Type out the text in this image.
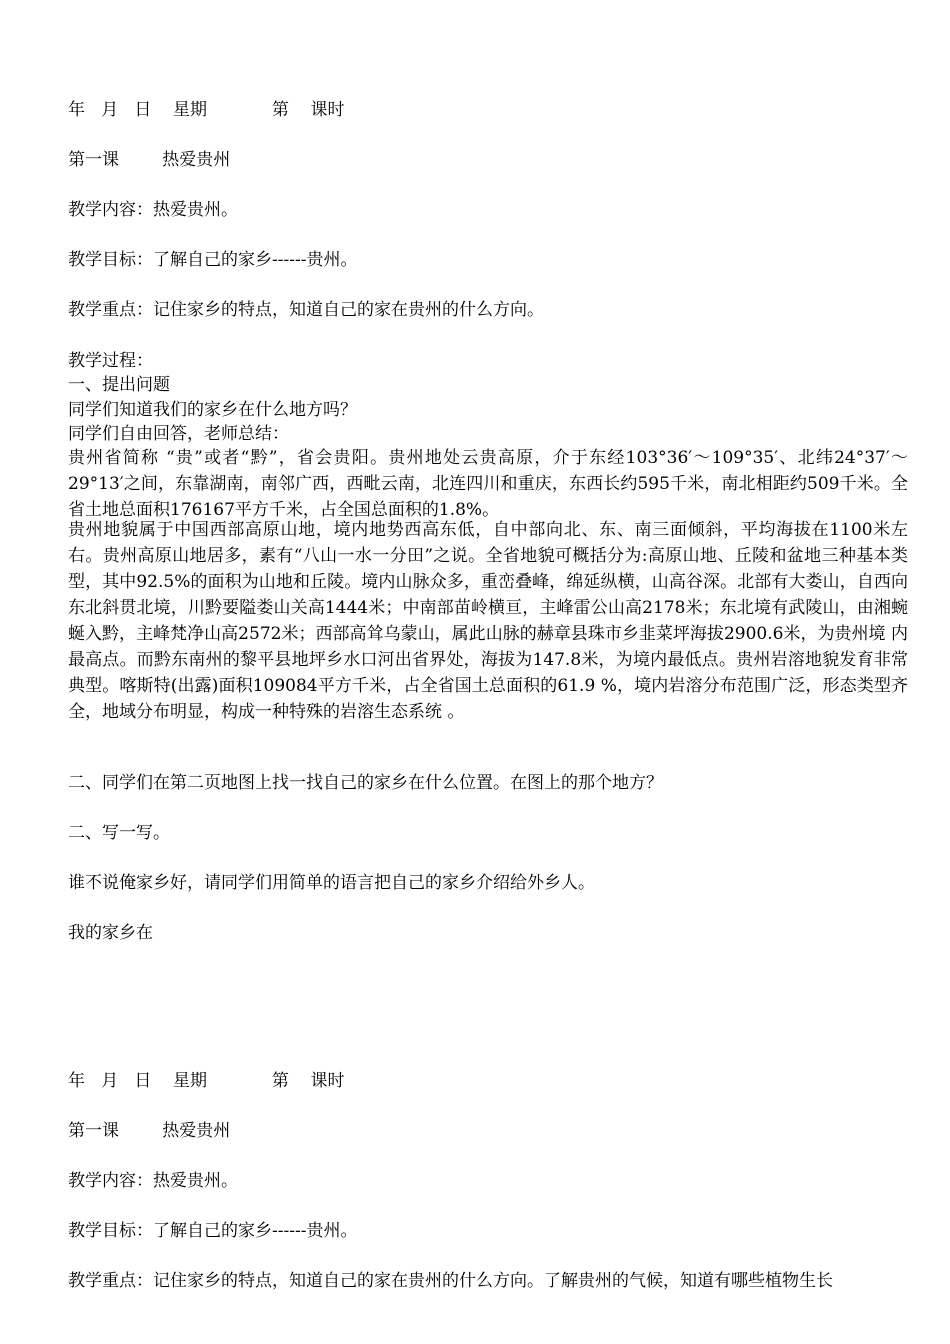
年   月   日    星期            第    课时
第一课        热爱贵州
教学内容：热爱贵州。
教学目标：了解自己的家乡------贵州。
教学重点：记住家乡的特点，知道自己的家在贵州的什么方向。
教学过程：
一、提出问题
同学们知道我们的家乡在什么地方吗？
同学们自由回答，老师总结：
贵州省简称 “贵”或者“黔”，省会贵阳。贵州地处云贵高原，介于东经103°36′～109°35′、北纬24°37′～29°13′之间，东靠湖南，南邻广西，西毗云南，北连四川和重庆，东西长约595千米，南北相距约509千米。全省土地总面积176167平方千米，占全国总面积的1.8%。
贵州地貌属于中国西部高原山地，境内地势西高东低，自中部向北、东、南三面倾斜，平均海拔在1100米左右。贵州高原山地居多，素有“八山一水一分田”之说。全省地貌可概括分为:高原山地、丘陵和盆地三种基本类型，其中92.5%的面积为山地和丘陵。境内山脉众多，重峦叠峰，绵延纵横，山高谷深。北部有大娄山，自西向东北斜贯北境，川黔要隘娄山关高1444米；中南部苗岭横亘，主峰雷公山高2178米；东北境有武陵山，由湘蜿蜒入黔，主峰梵净山高2572米；西部高耸乌蒙山，属此山脉的赫章县珠市乡韭菜坪海拔2900.6米，为贵州境 内最高点。而黔东南州的黎平县地坪乡水口河出省界处，海拔为147.8米，为境内最低点。贵州岩溶地貌发育非常典型。喀斯特(出露)面积109084平方千米，占全省国土总面积的61.9 %，境内岩溶分布范围广泛，形态类型齐全，地域分布明显，构成一种特殊的岩溶生态系统 。
二、同学们在第二页地图上找一找自己的家乡在什么位置。在图上的那个地方？
二、写一写。
谁不说俺家乡好，请同学们用简单的语言把自己的家乡介绍给外乡人。
我的家乡在
年   月   日    星期            第    课时
第一课        热爱贵州
教学内容：热爱贵州。
教学目标：了解自己的家乡------贵州。
教学重点：记住家乡的特点，知道自己的家在贵州的什么方向。了解贵州的气候，知道有哪些植物生长
